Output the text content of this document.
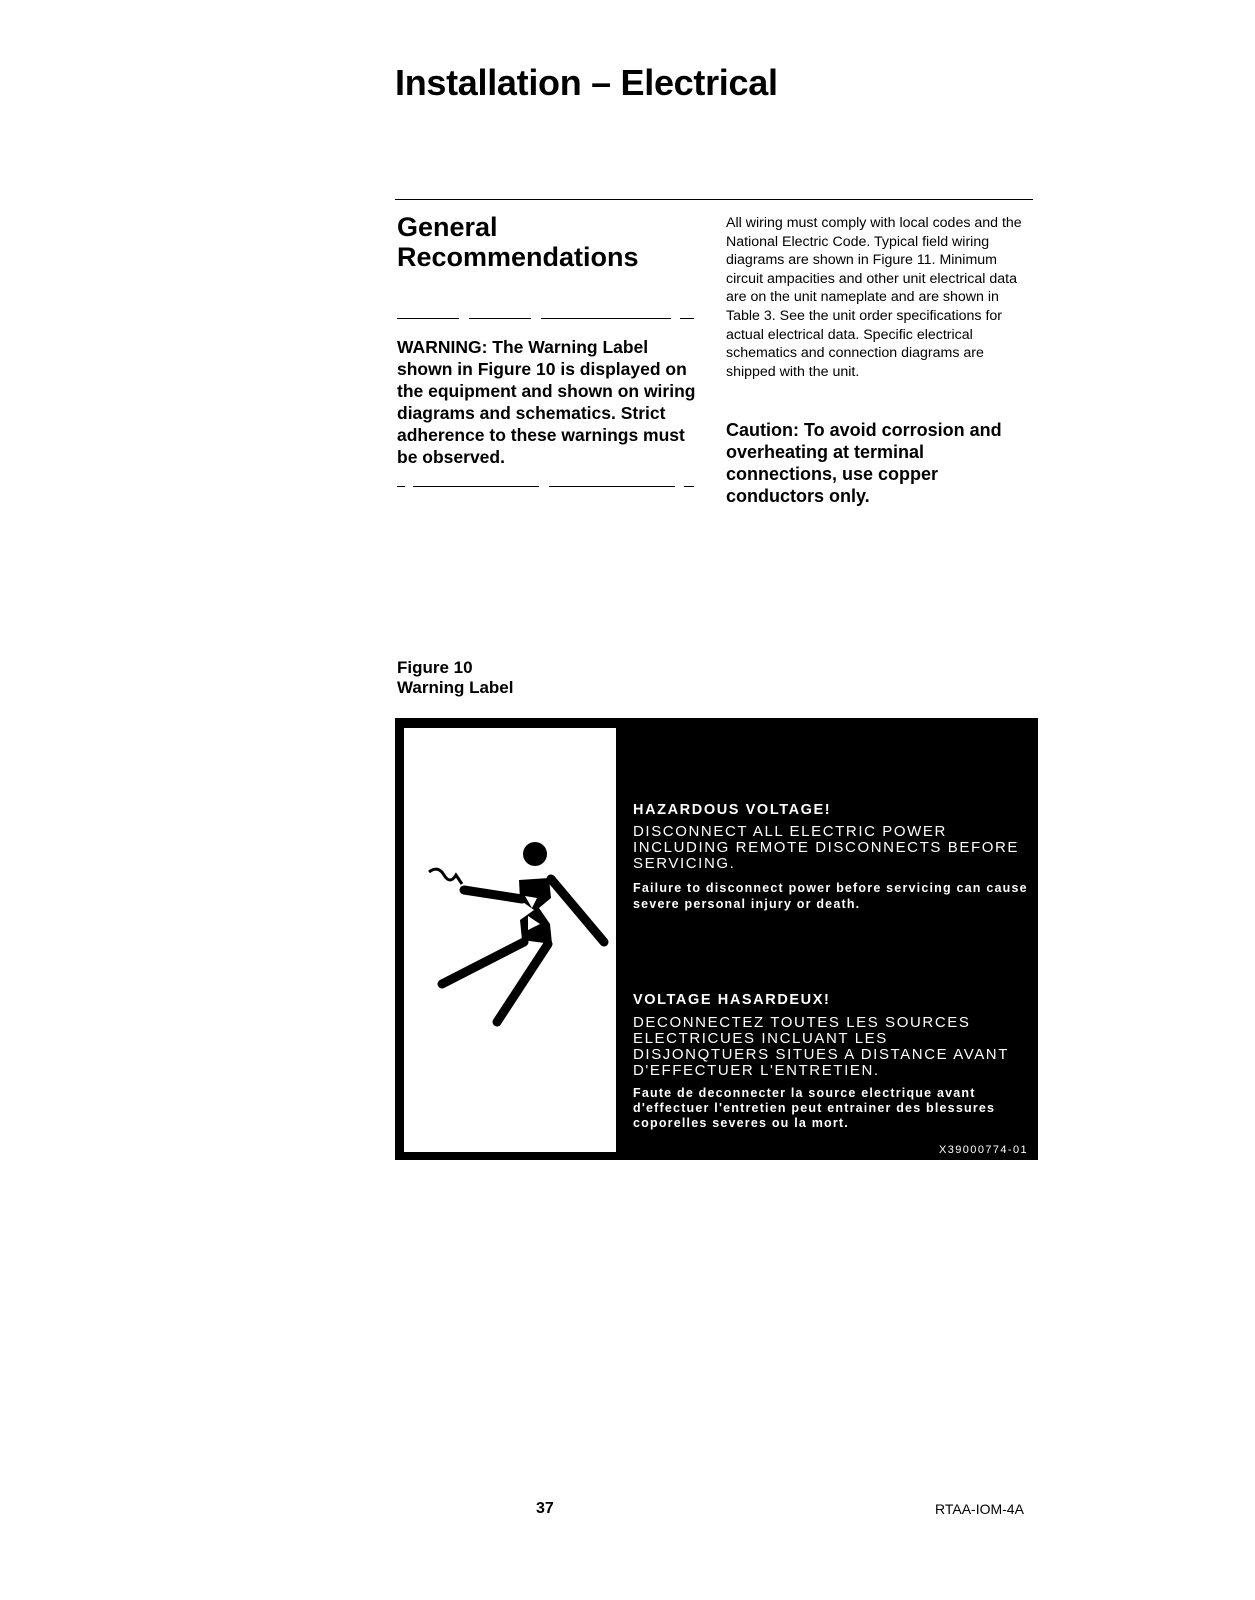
Installation – Electrical
General Recommendations

WARNING: The Warning Label shown in Figure 10 is displayed on the equipment and shown on wiring diagrams and schematics. Strict adherence to these warnings must be observed.

All wiring must comply with local codes and the National Electric Code. Typical field wiring diagrams are shown in Figure 11. Minimum circuit ampacities and other unit electrical data are on the unit nameplate and are shown in Table 3. See the unit order specifications for actual electrical data. Specific electrical schematics and connection diagrams are shipped with the unit.

Caution: To avoid corrosion and overheating at terminal connections, use copper conductors only.

Figure 10
Warning Label
HAZARDOUS VOLTAGE!
DISCONNECT ALL ELECTRIC POWER INCLUDING REMOTE DISCONNECTS BEFORE SERVICING.
Failure to disconnect power before servicing can cause severe personal injury or death.
VOLTAGE HASARDEUX!
DECONNECTEZ TOUTES LES SOURCES ELECTRICUES INCLUANT LES DISJONQTUERS SITUES A DISTANCE AVANT D'EFFECTUER L'ENTRETIEN.
Faute de deconnecter la source electrique avant d'effectuer l'entretien peut entrainer des blessures coporelles severes ou la mort.
X39000774-01
37	RTAA-IOM-4A
